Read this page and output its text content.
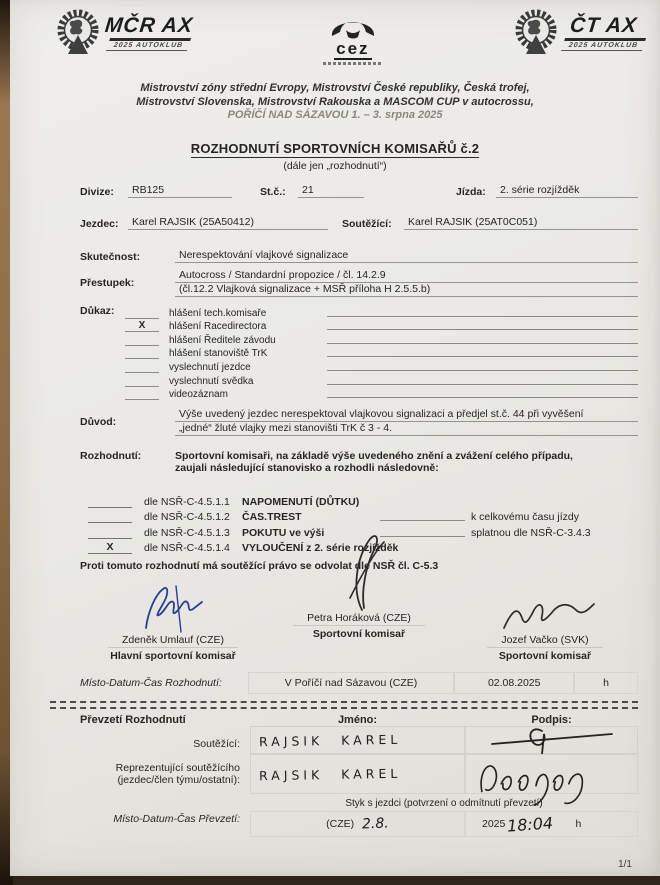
MČR AX
2025 AUTOKLUB	cez
ČT AX
2025 AUTOKLUB
Mistrovství zóny střední Evropy, Mistrovství České republiky, Česká trofej,
Mistrovství Slovenska, Mistrovství Rakouska a MASCOM CUP v autocrossu,
POŘÍČÍ NAD SÁZAVOU 1. – 3. srpna 2025
ROZHODNUTÍ SPORTOVNÍCH KOMISAŘŮ č.2
(dále jen „rozhodnutí“)
Divize:	RB125	St.č.:	21	Jízda:	2. série rozjížděk
Jezdec:	Karel RAJSIK (25A50412)	Soutěžící:	Karel RAJSIK (25AT0C051)
Skutečnost:	Nerespektování vlajkové signalizace
Přestupek:
Autocross / Standardní propozice / čl. 14.2.9
(čl.12.2 Vlajková signalizace + MSŘ příloha H 2.5.5.b)
Důkaz:	hlášení tech.komisaře
X	hlášení Racedirectora
hlášení Ředitele závodu
hlášení stanoviště TrK
vyslechnutí jezdce
vyslechnutí svědka
videozáznam
Důvod:
Výše uvedený jezdec nerespektoval vlajkovou signalizaci a předjel st.č. 44 při vyvěšení
„jedné“ žluté vlajky mezi stanovišti TrK č 3 - 4.
Rozhodnutí:	Sportovní komisaři, na základě výše uvedeného znění a zvážení celého případu,
zaujali následující stanovisko a rozhodli následovně:
dle NSŘ-C-4.5.1.1	NAPOMENUTÍ (DŮTKU)
dle NSŘ-C-4.5.1.2	ČAS.TREST	k celkovému času jízdy
dle NSŘ-C-4.5.1.3	POKUTU ve výši	splatnou dle NSŘ-C-3.4.3
X	dle NSŘ-C-4.5.1.4	VYLOUČENÍ z 2. série rozjížděk
Proti tomuto rozhodnutí má soutěžící právo se odvolat dle NSŘ čl. C-5.3
Zdeněk Umlauf (CZE)
Hlavní sportovní komisař
Petra Horáková (CZE)
Sportovní komisař	Jozef Vačko (SVK)
Sportovní komisař
Místo-Datum-Čas Rozhodnutí:	V Poříčí nad Sázavou (CZE)	02.08.2025	h
Převzetí Rozhodnutí	Jméno:	Podpis:
Soutěžící:	RAJSIK KAREL
Reprezentující soutěžícího
(jezdec/člen týmu/ostatní): RAJSIK KAREL
Styk s jezdci (potvrzení o odmítnutí převzetí)
Místo-Datum-Čas Převzetí:	(CZE) 2.8.	2025 18:04 h
1/1
